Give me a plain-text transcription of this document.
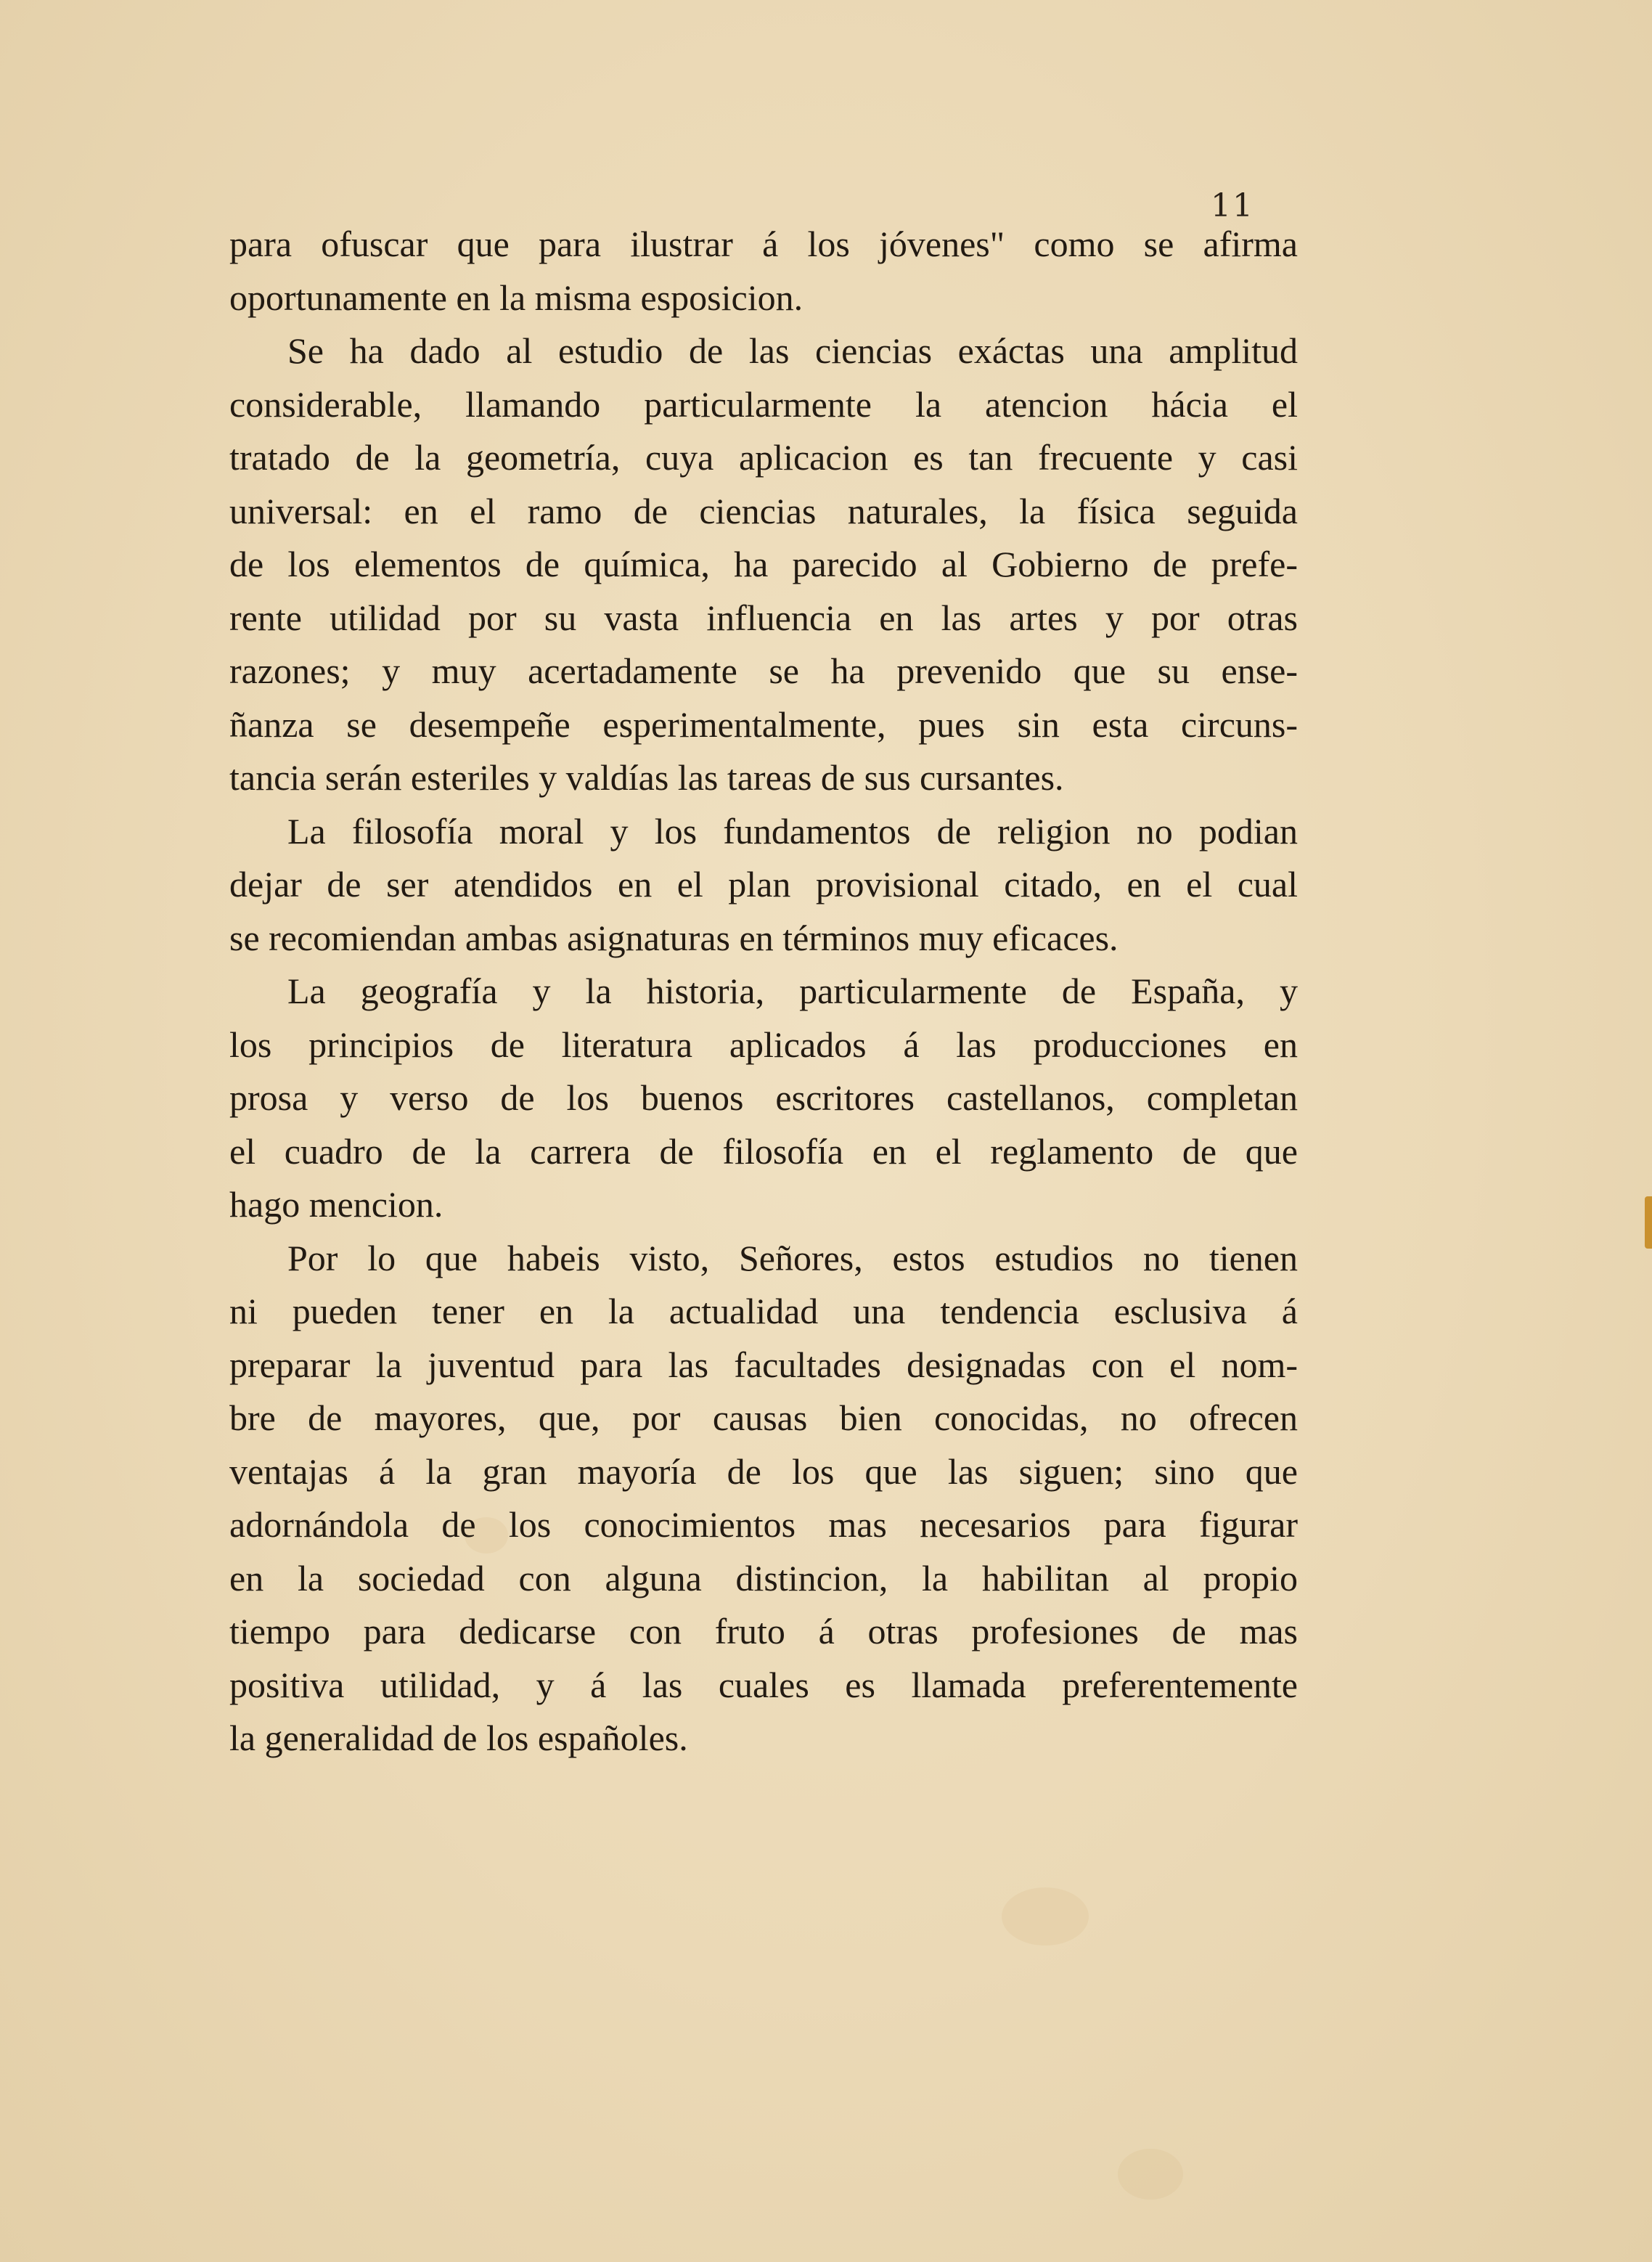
11
para ofuscar que para ilustrar á los jóvenes" como se afirma
oportunamente en la misma esposicion.
Se ha dado al estudio de las ciencias exáctas una amplitud
considerable, llamando particularmente la atencion hácia el
tratado de la geometría, cuya aplicacion es tan frecuente y casi
universal: en el ramo de ciencias naturales, la física seguida
de los elementos de química, ha parecido al Gobierno de prefe-
rente utilidad por su vasta influencia en las artes y por otras
razones; y muy acertadamente se ha prevenido que su ense-
ñanza se desempeñe esperimentalmente, pues sin esta circuns-
tancia serán esteriles y valdías las tareas de sus cursantes.
La filosofía moral y los fundamentos de religion no podian
dejar de ser atendidos en el plan provisional citado, en el cual
se recomiendan ambas asignaturas en términos muy eficaces.
La geografía y la historia, particularmente de España, y
los principios de literatura aplicados á las producciones en
prosa y verso de los buenos escritores castellanos, completan
el cuadro de la carrera de filosofía en el reglamento de que
hago mencion.
Por lo que habeis visto, Señores, estos estudios no tienen
ni pueden tener en la actualidad una tendencia esclusiva á
preparar la juventud para las facultades designadas con el nom-
bre de mayores, que, por causas bien conocidas, no ofrecen
ventajas á la gran mayoría de los que las siguen; sino que
adornándola de los conocimientos mas necesarios para figurar
en la sociedad con alguna distincion, la habilitan al propio
tiempo para dedicarse con fruto á otras profesiones de mas
positiva utilidad, y á las cuales es llamada preferentemente
la generalidad de los españoles.
